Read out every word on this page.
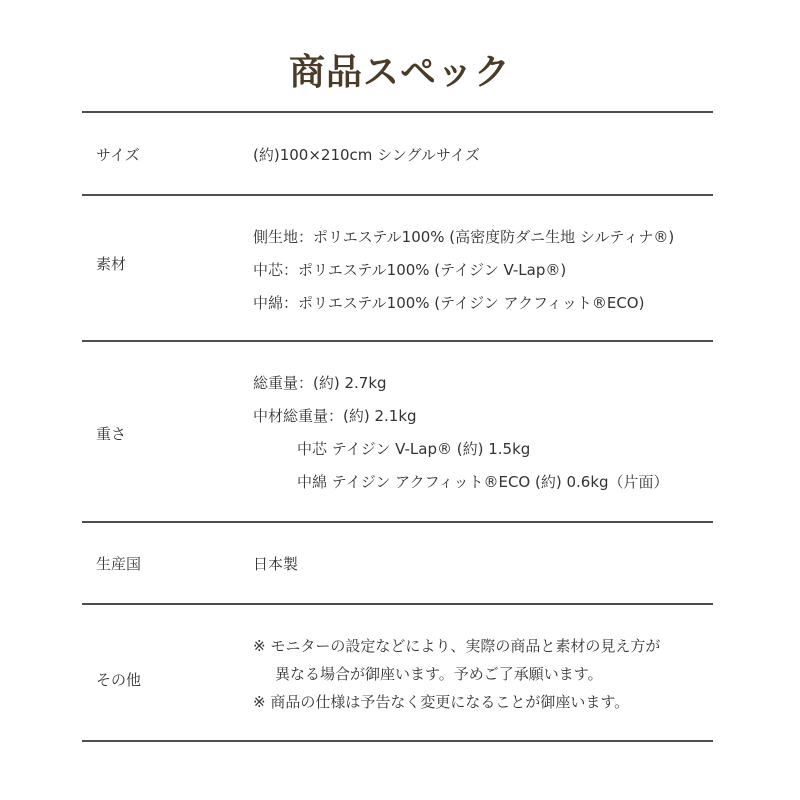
商品スペック
サイズ	(約)100×210cm シングルサイズ
素材
側生地：ポリエステル100% (高密度防ダニ生地 シルティナ®)
中芯：ポリエステル100% (テイジン V-Lap®)
中綿：ポリエステル100% (テイジン アクフィット®ECO)
重さ
総重量：(約) 2.7kg
中材総重量：(約) 2.1kg
中芯 テイジン V-Lap® (約) 1.5kg
中綿 テイジン アクフィット®ECO (約) 0.6kg（片面）
生産国	日本製
その他
※ モニターの設定などにより、実際の商品と素材の見え方が
異なる場合が御座います。予めご了承願います。
※ 商品の仕様は予告なく変更になることが御座います。
